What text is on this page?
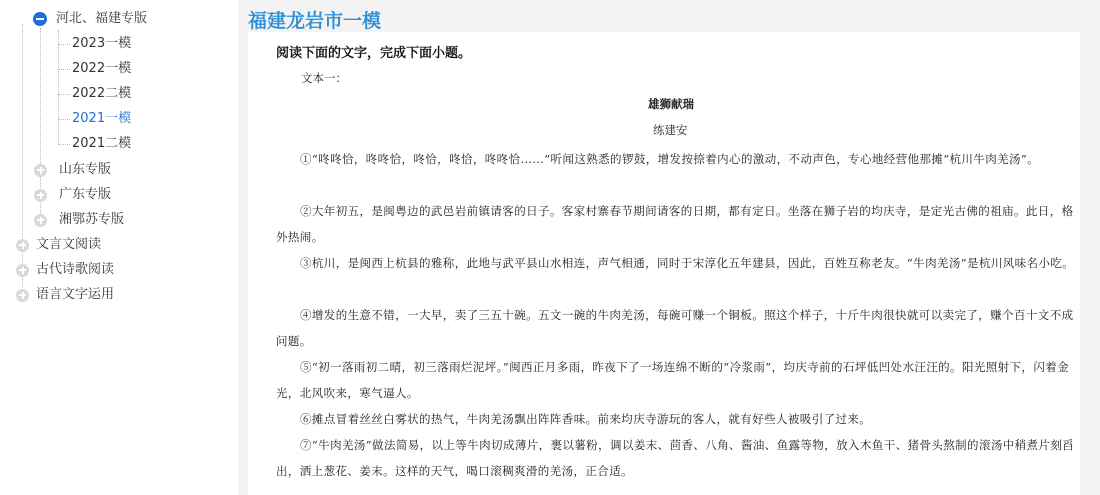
河北、福建专版
2023一模
2022一模
2022二模
2021一模
2021二模
山东专版
广东专版
湘鄂苏专版
文言文阅读
古代诗歌阅读
语言文字运用
福建龙岩市一模
阅读下面的文字，完成下面小题。
文本一：
雄狮献瑞
练建安
①“咚咚恰，咚咚恰，咚恰，咚恰，咚咚恰……”听闻这熟悉的锣鼓，增发按捺着内心的激动，不动声色，专心地经营他那摊“杭川牛肉羌汤”。
②大年初五，是闽粤边的武邑岩前镇请客的日子。客家村寨春节期间请客的日期，都有定日。坐落在狮子岩的均庆寺，是定光古佛的祖庙。此日，格外热闹。
③杭川，是闽西上杭县的雅称，此地与武平县山水相连，声气相通，同时于宋淳化五年建县，因此，百姓互称老友。“牛肉羌汤”是杭川风味名小吃。
④增发的生意不错，一大早，卖了三五十碗。五文一碗的牛肉羌汤，每碗可赚一个铜板。照这个样子，十斤牛肉很快就可以卖完了，赚个百十文不成问题。
⑤“初一落雨初二晴，初三落雨烂泥坪。”闽西正月多雨，昨夜下了一场连绵不断的“冷浆雨”，均庆寺前的石坪低凹处水汪汪的。阳光照射下，闪着金光，北风吹来，寒气逼人。
⑥摊点冒着丝丝白雾状的热气，牛肉羌汤飘出阵阵香味。前来均庆寺游玩的客人，就有好些人被吸引了过来。
⑦“牛肉羌汤”做法简易，以上等牛肉切成薄片，裹以薯粉，调以姜末、茴香、八角、酱油、鱼露等物，放入木鱼干、猪骨头熬制的滚汤中稍煮片刻舀出，洒上葱花、姜末。这样的天气，喝口滚稠爽滑的羌汤，正合适。
